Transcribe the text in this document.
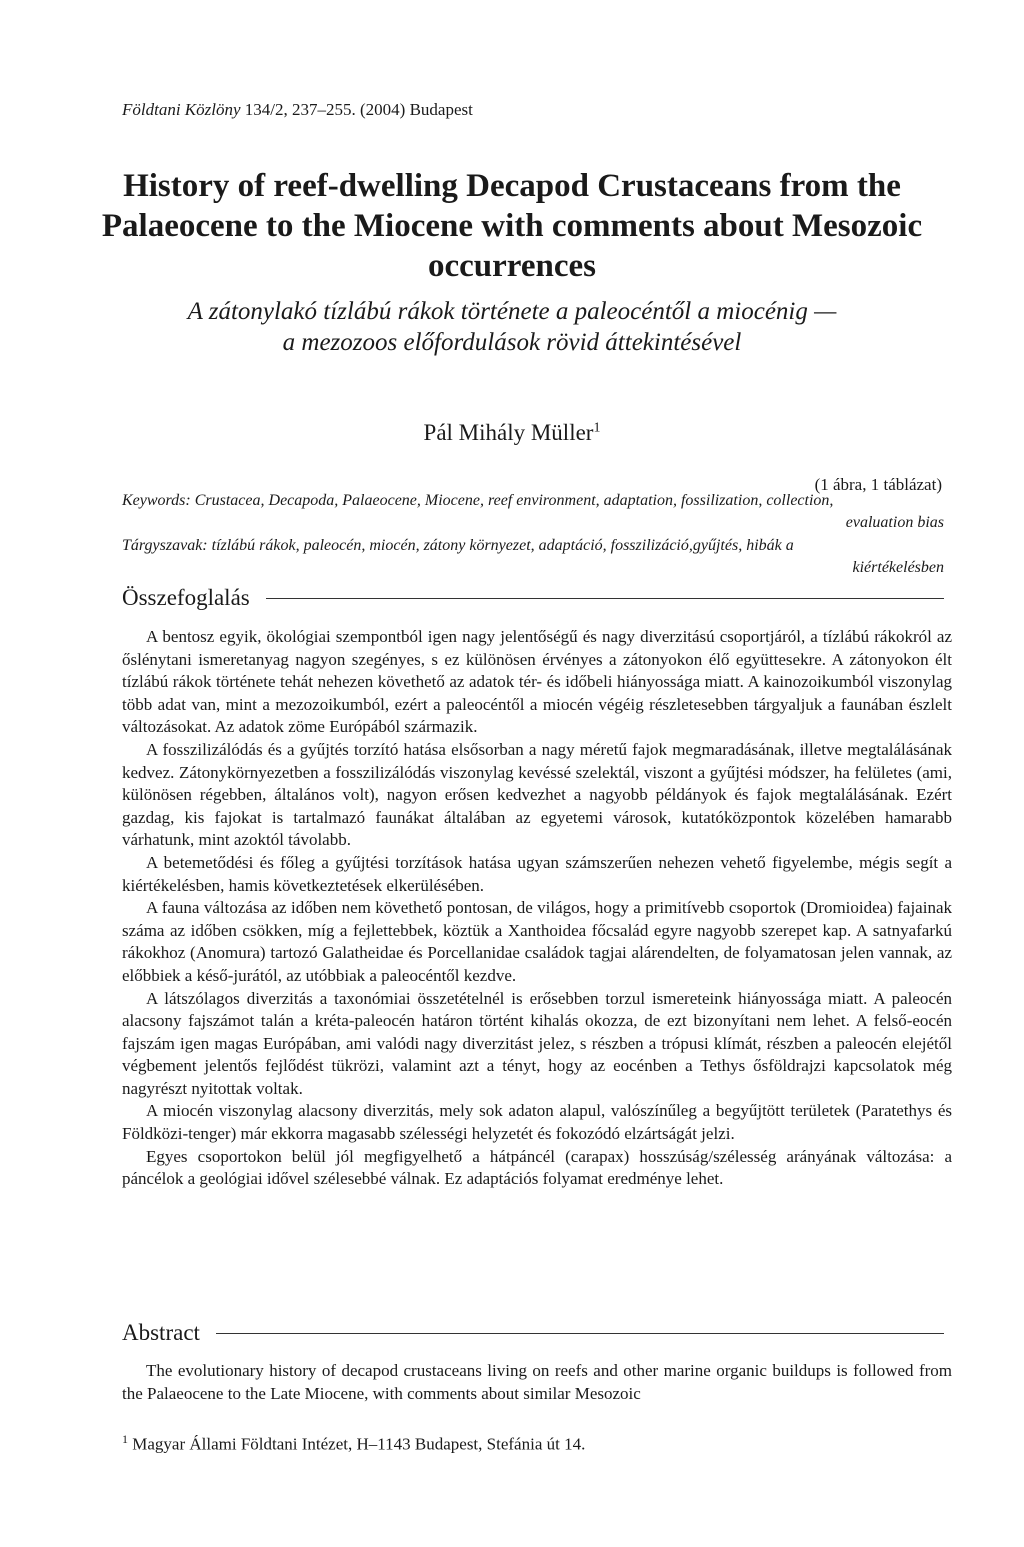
Földtani Közlöny 134/2, 237–255. (2004) Budapest
History of reef-dwelling Decapod Crustaceans from the Palaeocene to the Miocene with comments about Mesozoic occurrences
A zátonylakó tízlábú rákok története a paleocéntől a miocénig —
a mezozoos előfordulások rövid áttekintésével
Pál Mihály Müller$^1$
(1 ábra, 1 táblázat)
Keywords: Crustacea, Decapoda, Palaeocene, Miocene, reef environment, adaptation, fossilization, collection,
evaluation bias
Tárgyszavak: tízlábú rákok, paleocén, miocén, zátony környezet, adaptáció, fosszilizáció,gyűjtés, hibák a
kiértékelésben
Összefoglalás

A bentosz egyik, ökológiai szempontból igen nagy jelentőségű és nagy diverzitású csoportjáról, a tízlábú rákokról az őslénytani ismeretanyag nagyon szegényes, s ez különösen érvényes a zátonyokon élő együttesekre. A zátonyokon élt tízlábú rákok története tehát nehezen követhető az adatok tér- és időbeli hiányossága miatt. A kainozoikumból viszonylag több adat van, mint a mezozoikumból, ezért a paleocéntől a miocén végéig részletesebben tárgyaljuk a faunában észlelt változásokat. Az adatok zöme Európából származik.

A fosszilizálódás és a gyűjtés torzító hatása elsősorban a nagy méretű fajok megmaradásának, illetve megtalálásának kedvez. Zátonykörnyezetben a fosszilizálódás viszonylag kevéssé szelektál, viszont a gyűjtési módszer, ha felületes (ami, különösen régebben, általános volt), nagyon erősen kedvezhet a nagyobb példányok és fajok megtalálásának. Ezért gazdag, kis fajokat is tartalmazó faunákat általában az egyetemi városok, kutatóközpontok közelében hamarabb várhatunk, mint azoktól távolabb.

A betemetődési és főleg a gyűjtési torzítások hatása ugyan számszerűen nehezen vehető figyelembe, mégis segít a kiértékelésben, hamis következtetések elkerülésében.

A fauna változása az időben nem követhető pontosan, de világos, hogy a primitívebb csoportok (Dromioidea) fajainak száma az időben csökken, míg a fejlettebbek, köztük a Xanthoidea főcsalád egyre nagyobb szerepet kap. A satnyafarkú rákokhoz (Anomura) tartozó Galatheidae és Porcellanidae családok tagjai alárendelten, de folyamatosan jelen vannak, az előbbiek a késő-jurától, az utóbbiak a paleocéntől kezdve.

A látszólagos diverzitás a taxonómiai összetételnél is erősebben torzul ismereteink hiányossága miatt. A paleocén alacsony fajszámot talán a kréta-paleocén határon történt kihalás okozza, de ezt bizonyítani nem lehet. A felső-eocén fajszám igen magas Európában, ami valódi nagy diverzitást jelez, s részben a trópusi klímát, részben a paleocén elejétől végbement jelentős fejlődést tükrözi, valamint azt a tényt, hogy az eocénben a Tethys ősföldrajzi kapcsolatok még nagyrészt nyitottak voltak.

A miocén viszonylag alacsony diverzitás, mely sok adaton alapul, valószínűleg a begyűjtött területek (Paratethys és Földközi-tenger) már ekkorra magasabb szélességi helyzetét és fokozódó elzártságát jelzi.

Egyes csoportokon belül jól megfigyelhető a hátpáncél (carapax) hosszúság/szélesség arányának változása: a páncélok a geológiai idővel szélesebbé válnak. Ez adaptációs folyamat eredménye lehet.

Abstract

The evolutionary history of decapod crustaceans living on reefs and other marine organic buildups is followed from the Palaeocene to the Late Miocene, with comments about similar Mesozoic

$^1$ Magyar Állami Földtani Intézet, H–1143 Budapest, Stefánia út 14.
